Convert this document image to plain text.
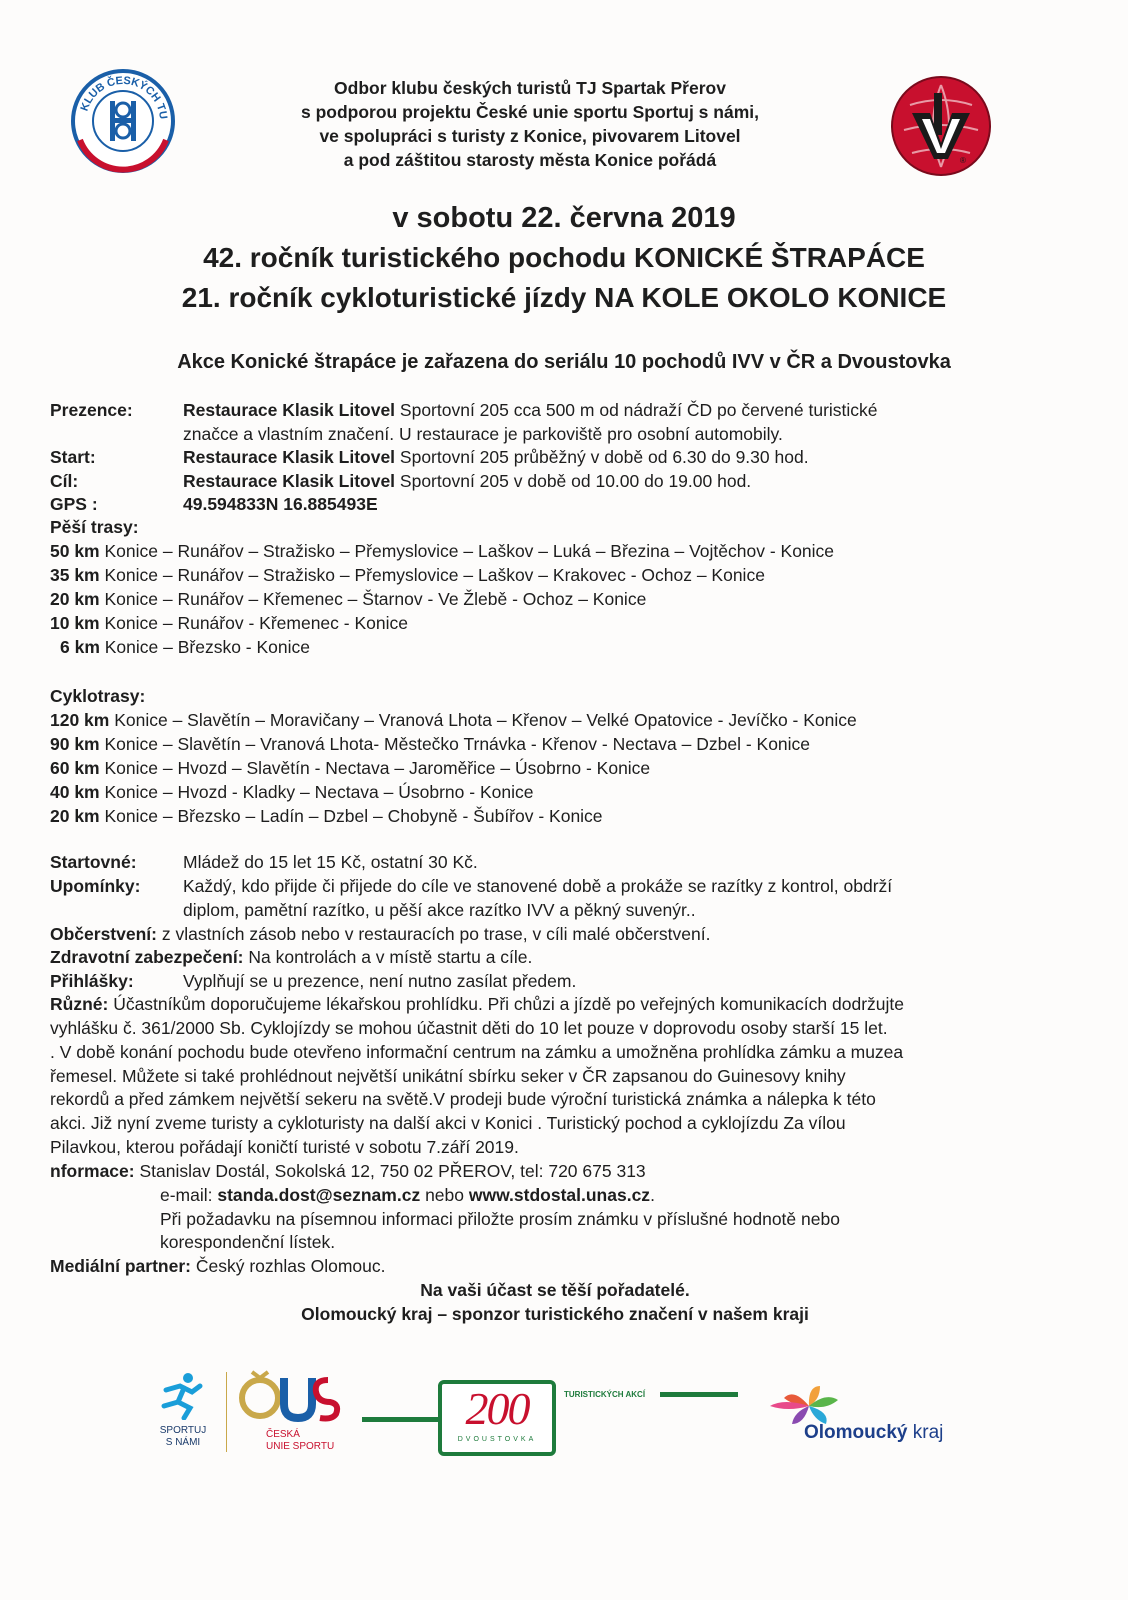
KLUB ČESKÝCH TU
®
Odbor klubu českých turistů TJ Spartak Přerov
s podporou projektu České unie sportu Sportuj s námi,
ve spolupráci s turisty z Konice, pivovarem Litovel
a pod záštitou starosty města Konice pořádá
v sobotu 22. června 2019
42. ročník turistického pochodu KONICKÉ ŠTRAPÁCE
21. ročník cykloturistické jízdy NA KOLE OKOLO KONICE
Akce Konické štrapáce je zařazena do seriálu 10 pochodů IVV v ČR a Dvoustovka
Prezence:	Restaurace Klasik Litovel Sportovní 205 cca 500 m od nádraží ČD po červené turistické
značce a vlastním značení. U restaurace je parkoviště pro osobní automobily.
Start:	Restaurace Klasik Litovel Sportovní 205 průběžný v době od 6.30 do 9.30 hod.
Cíl:	Restaurace Klasik Litovel Sportovní 205 v době od 10.00 do 19.00 hod.
GPS :	49.594833N 16.885493E
Pěší trasy:
50 km Konice – Runářov – Stražisko – Přemyslovice – Laškov – Luká – Březina – Vojtěchov - Konice
35 km Konice – Runářov – Stražisko – Přemyslovice – Laškov – Krakovec - Ochoz – Konice
20 km Konice – Runářov – Křemenec – Štarnov - Ve Žlebě - Ochoz – Konice
10 km Konice – Runářov - Křemenec - Konice
6 km Konice – Březsko - Konice
Cyklotrasy:
120 km Konice – Slavětín – Moravičany – Vranová Lhota – Křenov – Velké Opatovice - Jevíčko - Konice
90 km Konice – Slavětín – Vranová Lhota- Městečko Trnávka - Křenov - Nectava – Dzbel - Konice
60 km Konice – Hvozd – Slavětín - Nectava – Jaroměřice – Úsobrno - Konice
40 km Konice – Hvozd - Kladky – Nectava – Úsobrno - Konice
20 km Konice – Březsko – Ladín – Dzbel – Chobyně - Šubířov - Konice
Startovné:	Mládež do 15 let 15 Kč, ostatní 30 Kč.
Upomínky: Každý, kdo přijde či přijede do cíle ve stanovené době a prokáže se razítky z kontrol, obdrží
diplom, pamětní razítko, u pěší akce razítko IVV a pěkný suvenýr..
Občerstvení: z vlastních zásob nebo v restauracích po trase, v cíli malé občerstvení.
Zdravotní zabezpečení: Na kontrolách a v místě startu a cíle.
Přihlášky:	Vyplňují se u prezence, není nutno zasílat předem.
Různé: Účastníkům doporučujeme lékařskou prohlídku. Při chůzi a jízdě po veřejných komunikacích dodržujte
vyhlášku č. 361/2000 Sb. Cyklojízdy se mohou účastnit děti do 10 let pouze v doprovodu osoby starší 15 let.
. V době konání pochodu bude otevřeno informační centrum na zámku a umožněna prohlídka zámku a muzea
řemesel. Můžete si také prohlédnout největší unikátní sbírku seker v ČR zapsanou do Guinesovy knihy
rekordů a před zámkem největší sekeru na světě.V prodeji bude výroční turistická známka a nálepka k této
akci. Již nyní zveme turisty a cykloturisty na další akci v Konici . Turistický pochod a cyklojízdu Za vílou
Pilavkou, kterou pořádají koničtí turisté v sobotu 7.září 2019.
nformace: Stanislav Dostál, Sokolská 12, 750 02 PŘEROV, tel: 720 675 313
e-mail: standa.dost@seznam.cz nebo www.stdostal.unas.cz.
Při požadavku na písemnou informaci přiložte prosím známku v příslušné hodnotě nebo
korespondenční lístek.
Mediální partner: Český rozhlas Olomouc.
Na vaši účast se těší pořadatelé.
Olomoucký kraj – sponzor turistického značení v našem kraji
SPORTUJ
S NÁMI
ČESKÁ
UNIE SPORTU
200
DVOUSTOVKA
TURISTICKÝCH AKCÍ
Olomoucký kraj
